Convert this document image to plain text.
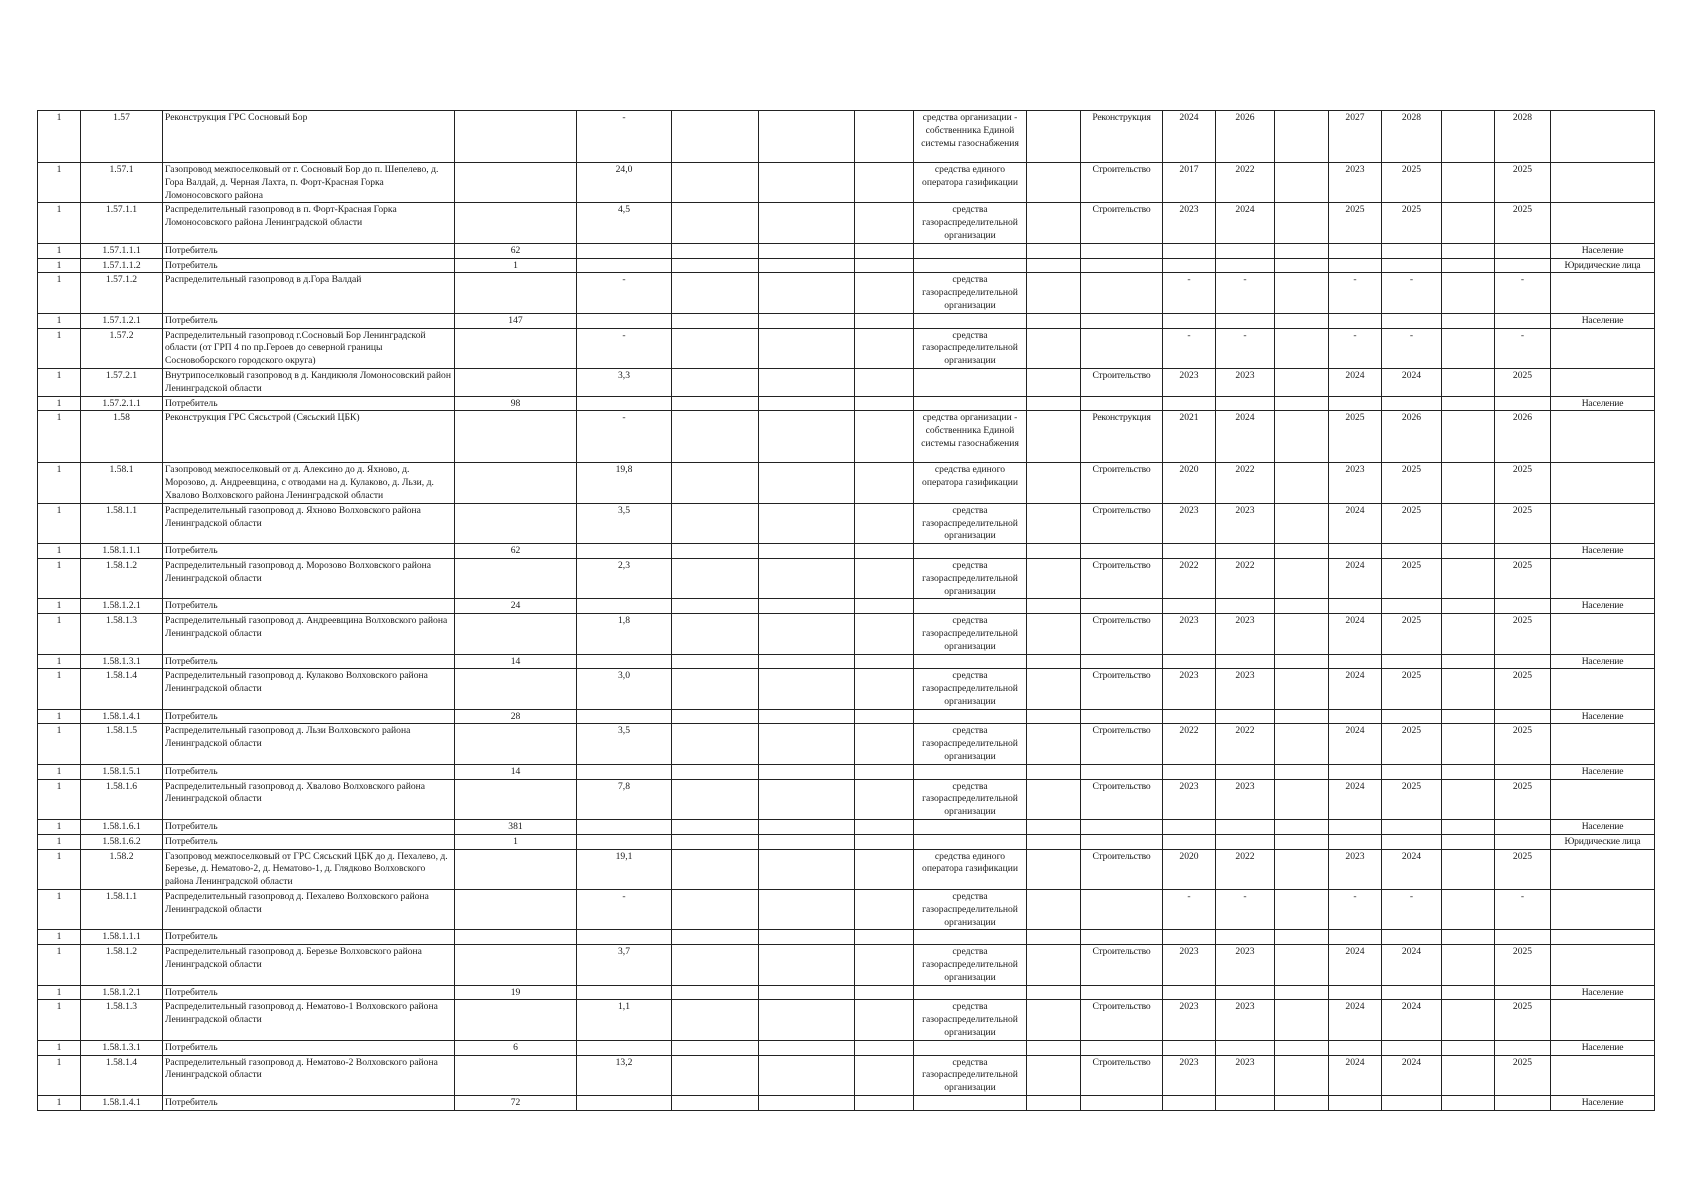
1	1.57	Реконструкция ГРС Сосновый Бор		-				средства организации - собственника Единой системы газоснабжения		Реконструкция	2024	2026		2027	2028		2028	
1	1.57.1	Газопровод межпоселковый от г. Сосновый Бор до п. Шепелево, д. Гора Валдай, д. Черная Лахта, п. Форт-Красная Горка Ломоносовского района		24,0				средства единого оператора газификации		Строительство	2017	2022		2023	2025		2025	
1	1.57.1.1	Распределительный газопровод в п. Форт-Красная Горка Ломоносовского района Ленинградской области		4,5				средства газораспределительной организации		Строительство	2023	2024		2025	2025		2025	
1	1.57.1.1.1	Потребитель	62															Население
1	1.57.1.1.2	Потребитель	1															Юридические лица
1	1.57.1.2	Распределительный газопровод в д.Гора Валдай		-				средства газораспределительной организации			-	-		-	-		-	
1	1.57.1.2.1	Потребитель	147															Население
1	1.57.2	Распределительный газопровод г.Сосновый Бор Ленинградской области (от ГРП 4 по пр.Героев до северной границы Сосновоборского городского округа)		-				средства газораспределительной организации			-	-		-	-		-	
1	1.57.2.1	Внутрипоселковый газопровод в д. Кандикюля Ломоносовский район Ленинградской области		3,3						Строительство	2023	2023		2024	2024		2025	
1	1.57.2.1.1	Потребитель	98															Население
1	1.58	Реконструкция ГРС Сясьстрой (Сясьский ЦБК)		-				средства организации - собственника Единой системы газоснабжения		Реконструкция	2021	2024		2025	2026		2026	
1	1.58.1	Газопровод межпоселковый от д. Алексино до д. Яхново, д. Морозово, д. Андреевщина, с отводами на д. Кулаково, д. Льзи, д. Хвалово Волховского района Ленинградской области		19,8				средства единого оператора газификации		Строительство	2020	2022		2023	2025		2025	
1	1.58.1.1	Распределительный газопровод д. Яхново Волховского района Ленинградской области		3,5				средства газораспределительной организации		Строительство	2023	2023		2024	2025		2025	
1	1.58.1.1.1	Потребитель	62															Население
1	1.58.1.2	Распределительный газопровод д. Морозово Волховского района Ленинградской области		2,3				средства газораспределительной организации		Строительство	2022	2022		2024	2025		2025	
1	1.58.1.2.1	Потребитель	24															Население
1	1.58.1.3	Распределительный газопровод д. Андреевщина Волховского района Ленинградской области		1,8				средства газораспределительной организации		Строительство	2023	2023		2024	2025		2025	
1	1.58.1.3.1	Потребитель	14															Население
1	1.58.1.4	Распределительный газопровод д. Кулаково Волховского района Ленинградской области		3,0				средства газораспределительной организации		Строительство	2023	2023		2024	2025		2025	
1	1.58.1.4.1	Потребитель	28															Население
1	1.58.1.5	Распределительный газопровод д. Льзи Волховского района Ленинградской области		3,5				средства газораспределительной организации		Строительство	2022	2022		2024	2025		2025	
1	1.58.1.5.1	Потребитель	14															Население
1	1.58.1.6	Распределительный газопровод д. Хвалово Волховского района Ленинградской области		7,8				средства газораспределительной организации		Строительство	2023	2023		2024	2025		2025	
1	1.58.1.6.1	Потребитель	381															Население
1	1.58.1.6.2	Потребитель	1															Юридические лица
1	1.58.2	Газопровод межпоселковый от ГРС Сясьский ЦБК до д. Пехалево, д. Березье, д. Нематово-2, д. Нематово-1, д. Глядково Волховского района Ленинградской области		19,1				средства единого оператора газификации		Строительство	2020	2022		2023	2024		2025	
1	1.58.1.1	Распределительный газопровод д. Пехалево Волховского района Ленинградской области		-				средства газораспределительной организации			-	-		-	-		-	
1	1.58.1.1.1	Потребитель																
1	1.58.1.2	Распределительный газопровод д. Березье Волховского района Ленинградской области		3,7				средства газораспределительной организации		Строительство	2023	2023		2024	2024		2025	
1	1.58.1.2.1	Потребитель	19															Население
1	1.58.1.3	Распределительный газопровод д. Нематово-1 Волховского района Ленинградской области		1,1				средства газораспределительной организации		Строительство	2023	2023		2024	2024		2025	
1	1.58.1.3.1	Потребитель	6															Население
1	1.58.1.4	Распределительный газопровод д. Нематово-2 Волховского района Ленинградской области		13,2				средства газораспределительной организации		Строительство	2023	2023		2024	2024		2025	
1	1.58.1.4.1	Потребитель	72															Население
